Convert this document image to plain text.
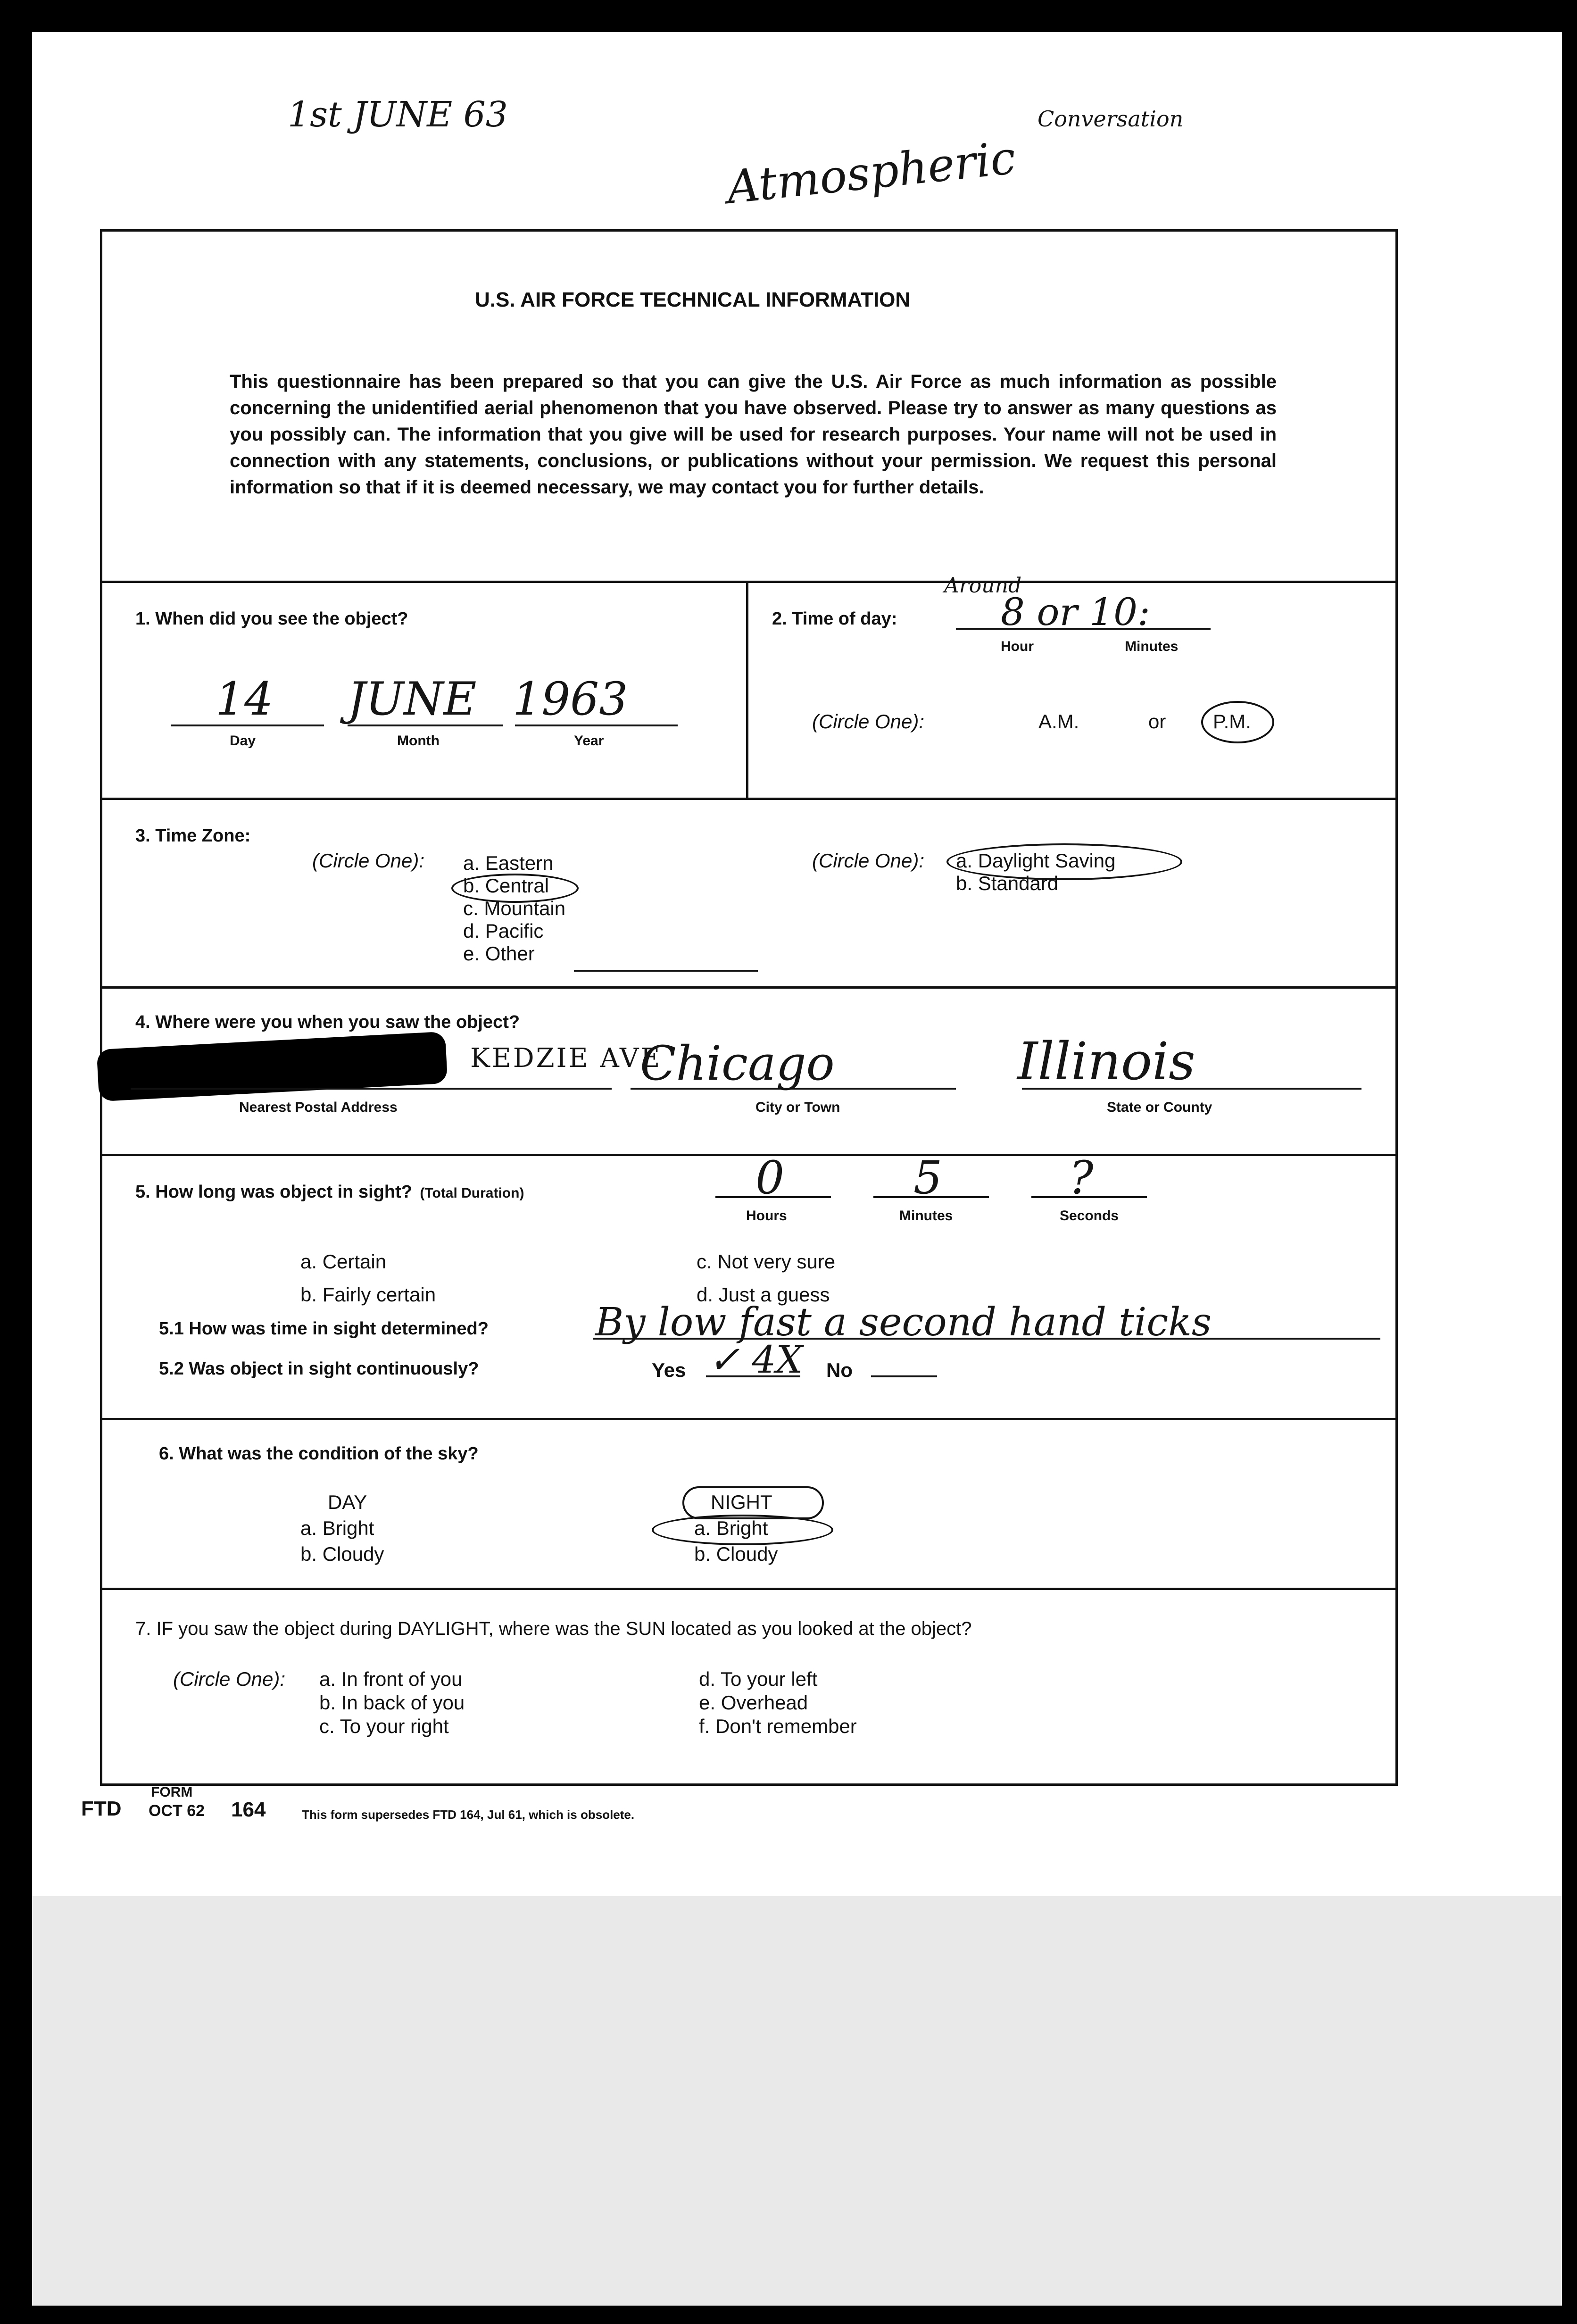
1st JUNE 63
Atmospheric
Conversation
U.S. AIR FORCE TECHNICAL INFORMATION
This questionnaire has been prepared so that you can give the U.S. Air Force as much information as possible concerning the unidentified aerial phenomenon that you have observed. Please try to answer as many questions as you possibly can. The information that you give will be used for research purposes. Your name will not be used in connection with any statements, conclusions, or publications without your permission. We request this personal information so that if it is deemed necessary, we may contact you for further details.
1. When did you see the object?
14 JUNE 1963
Day	Month	Year
2. Time of day:
Around
8 or 10:
Hour	Minutes
(Circle One):	A.M.	or P.M.
3. Time Zone:
(Circle One): a. Eastern
b. Central
c. Mountain
d. Pacific
e. Other
(Circle One): a. Daylight Saving
b. Standard
4. Where were you when you saw the object?
KEDZIE AVE
Chicago	Illinois
Nearest Postal Address	City or Town	State or County
5. How long was object in sight? (Total Duration)	0	5	?
Hours	Minutes	Seconds
a. Certain
b. Fairly certain
c. Not very sure
d. Just a guess
5.1 How was time in sight determined?	By low fast a second hand ticks
5.2 Was object in sight continuously?	Yes ✓ 4X No
6. What was the condition of the sky?
DAY
a. Bright
b. Cloudy
NIGHT
a. Bright
b. Cloudy
7. IF you saw the object during DAYLIGHT, where was the SUN located as you looked at the object?
(Circle One): a. In front of you
b. In back of you
c. To your right
d. To your left
e. Overhead
f. Don't remember
FTD
FORM
OCT 62 164	This form supersedes FTD 164, Jul 61, which is obsolete.
